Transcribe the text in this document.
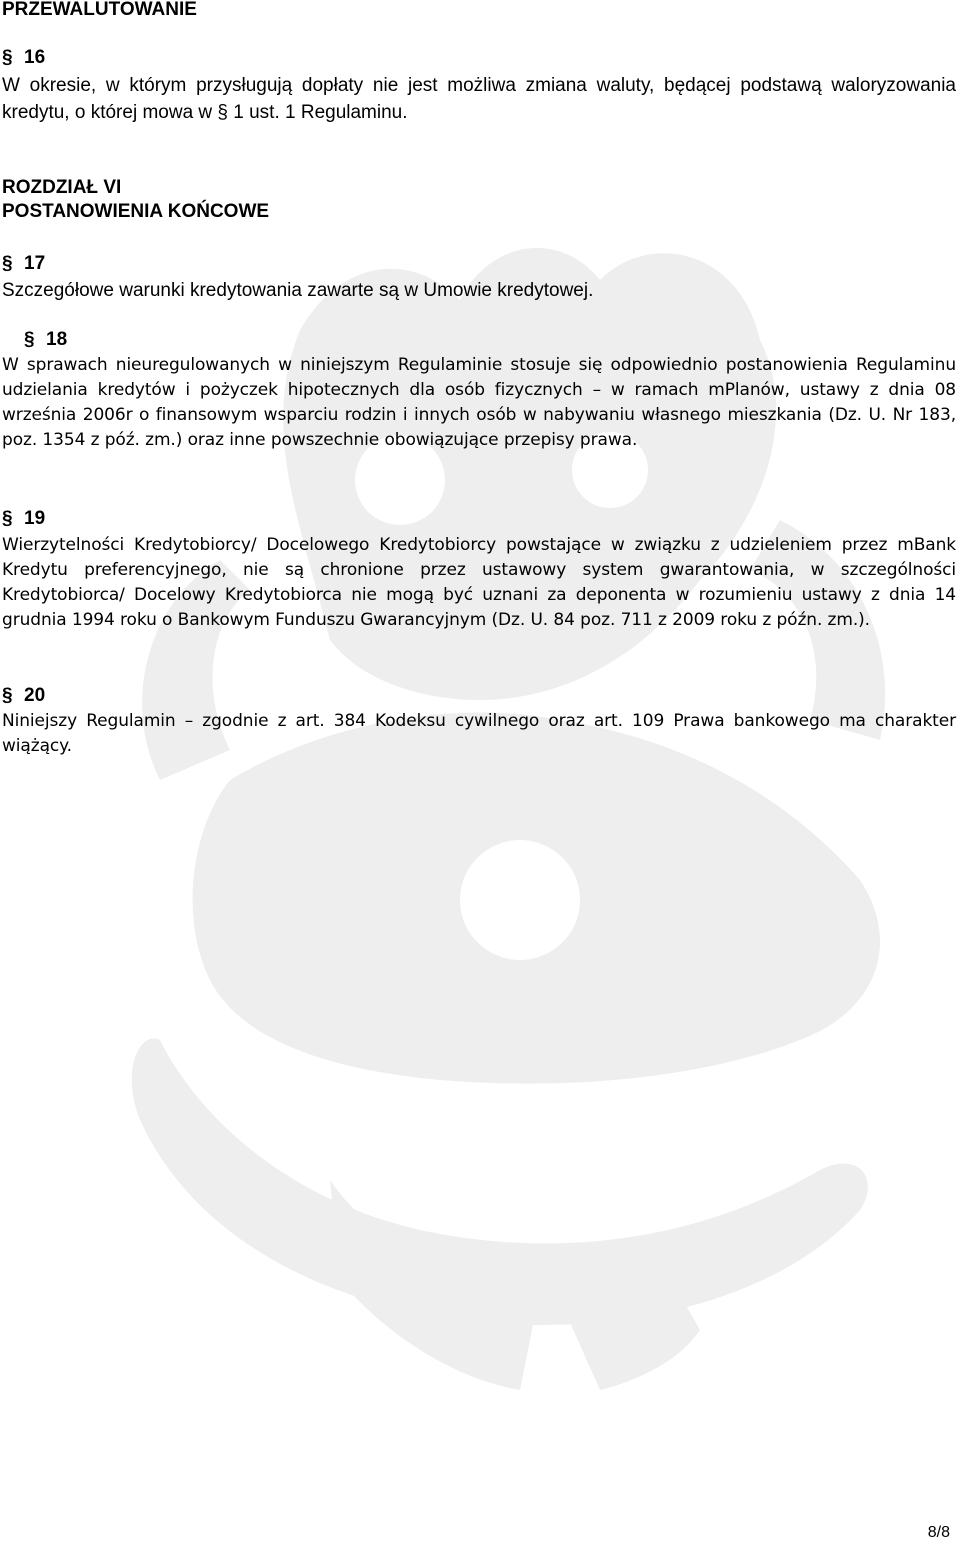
PRZEWALUTOWANIE
§ 16

W okresie, w którym przysługują dopłaty nie jest możliwa zmiana waluty, będącej podstawą waloryzowania kredytu, o której mowa w § 1 ust. 1 Regulaminu.

ROZDZIAŁ VI
POSTANOWIENIA KOŃCOWE
§ 17

Szczegółowe warunki kredytowania zawarte są w Umowie kredytowej.

§ 18

W sprawach nieuregulowanych w niniejszym Regulaminie stosuje się odpowiednio postanowienia Regulaminu udzielania kredytów i pożyczek hipotecznych dla osób fizycznych – w ramach mPlanów, ustawy z dnia 08 września 2006r o finansowym wsparciu rodzin i innych osób w nabywaniu własnego mieszkania (Dz. U. Nr 183, poz. 1354 z póź. zm.) oraz inne powszechnie obowiązujące przepisy prawa.

§ 19

Wierzytelności Kredytobiorcy/ Docelowego Kredytobiorcy powstające w związku z udzieleniem przez mBank Kredytu preferencyjnego, nie są chronione przez ustawowy system gwarantowania, w szczególności Kredytobiorca/ Docelowy Kredytobiorca nie mogą być uznani za deponenta w rozumieniu ustawy z dnia 14 grudnia 1994 roku o Bankowym Funduszu Gwarancyjnym (Dz. U. 84 poz. 711 z 2009 roku z późn. zm.).

§ 20

Niniejszy Regulamin – zgodnie z art. 384 Kodeksu cywilnego oraz art. 109 Prawa bankowego ma charakter wiążący.

8/8
